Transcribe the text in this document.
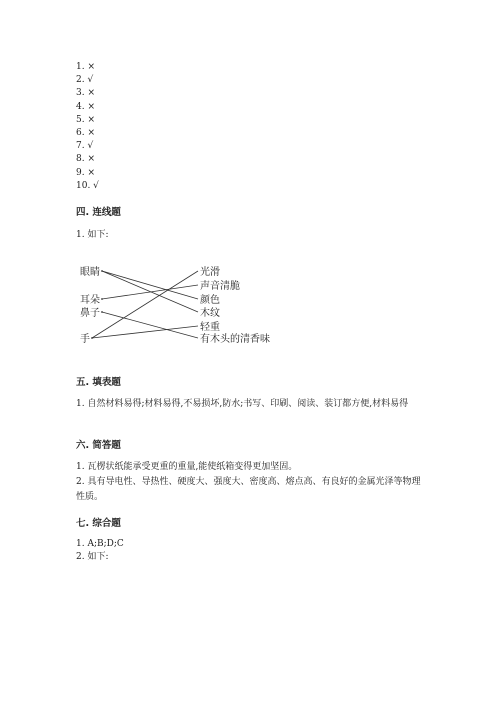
1. ×
2. √
3. ×
4. ×
5. ×
6. ×
7. √
8. ×
9. ×
10. √
四. 连线题
1. 如下:
眼睛
耳朵
鼻子
手
光滑
声音清脆
颜色
木纹
轻重
有木头的清香味
五. 填表题
1. 自然材料易得;材料易得,不易损坏,防水;书写、印刷、阅读、装订都方便,材料易得
六. 简答题
1. 瓦楞状纸能承受更重的重量,能使纸箱变得更加坚固。
2. 具有导电性、导热性、硬度大、强度大、密度高、熔点高、有良好的金属光泽等物理性质。
七. 综合题
1. A;B;D;C
2. 如下:
